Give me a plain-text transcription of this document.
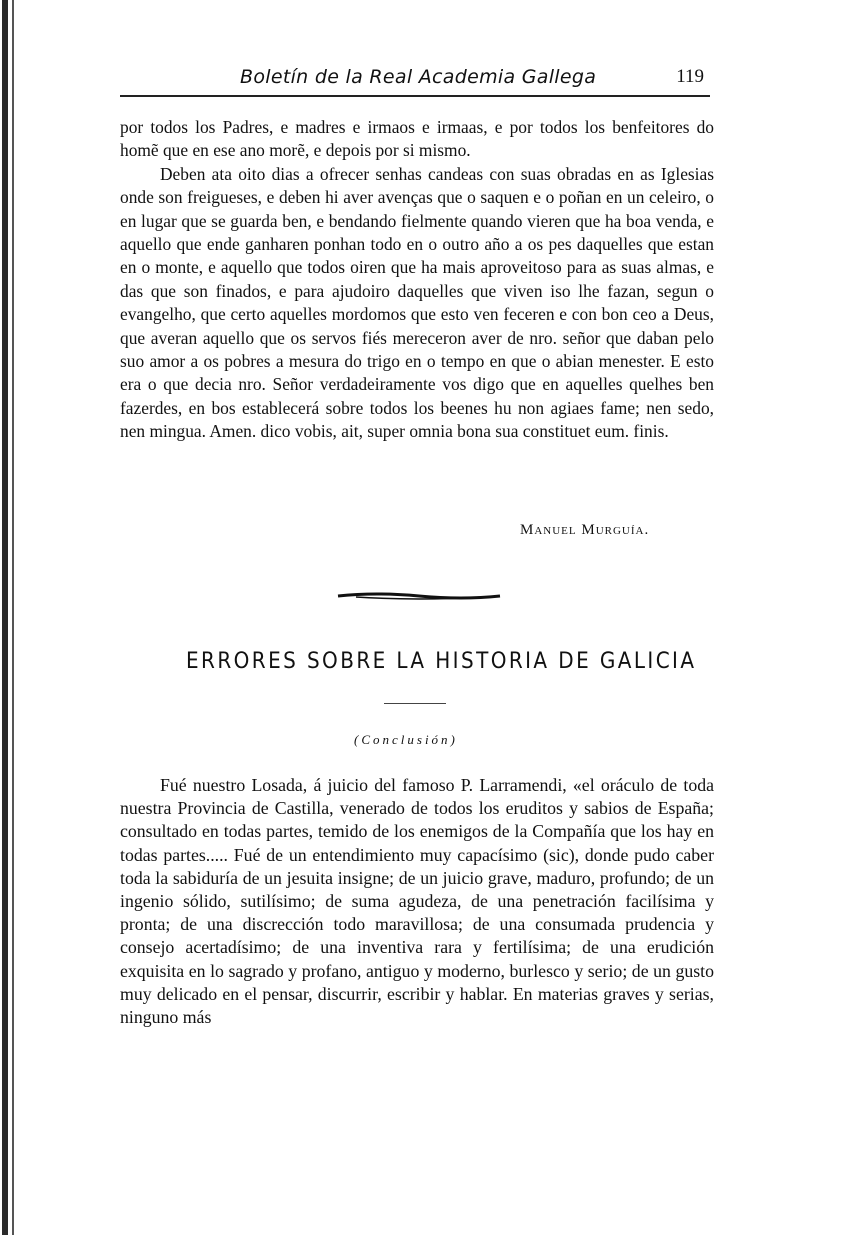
Boletín de la Real Academia Gallega	119

por todos los Padres, e madres e irmaos e irmaas, e por todos los benfeitores do homẽ que en ese ano morẽ, e depois por si mismo.

Deben ata oito dias a ofrecer senhas candeas con suas obradas en as Iglesias onde son freigueses, e deben hi aver avenças que o saquen e o poñan en un celeiro, o en lugar que se guarda ben, e bendando fielmente quando vieren que ha boa venda, e aquello que ende ganharen ponhan todo en o outro año a os pes daquelles que estan en o monte, e aquello que todos oiren que ha mais aproveitoso para as suas almas, e das que son finados, e para ajudoiro daquelles que viven iso lhe fazan, segun o evangelho, que certo aquelles mordomos que esto ven feceren e con bon ceo a Deus, que averan aquello que os servos fiés mereceron aver de nro. señor que daban pelo suo amor a os pobres a mesura do trigo en o tempo en que o abian menester. E esto era o que decia nro. Señor verdadeiramente vos digo que en aquelles quelhes ben fazerdes, en bos establecerá sobre todos los beenes hu non agiaes fame; nen sedo, nen mingua. Amen. dico vobis, ait, super omnia bona sua constituet eum. finis.

Manuel Murguía.
ERRORES SOBRE LA HISTORIA DE GALICIA
(Conclusión)

Fué nuestro Losada, á juicio del famoso P. Larramendi, «el oráculo de toda nuestra Provincia de Castilla, venerado de todos los eruditos y sabios de España; consultado en todas partes, temido de los enemigos de la Compañía que los hay en todas partes..... Fué de un entendimiento muy capacísimo (sic), donde pudo caber toda la sabiduría de un jesuita insigne; de un juicio grave, maduro, profundo; de un ingenio sólido, sutilísimo; de suma agudeza, de una penetración facilísima y pronta; de una discrección todo maravillosa; de una consumada prudencia y consejo acertadísimo; de una inventiva rara y fertilísima; de una erudición exquisita en lo sagrado y profano, antiguo y moderno, burlesco y serio; de un gusto muy delicado en el pensar, discurrir, escribir y hablar. En materias graves y serias, ninguno más
